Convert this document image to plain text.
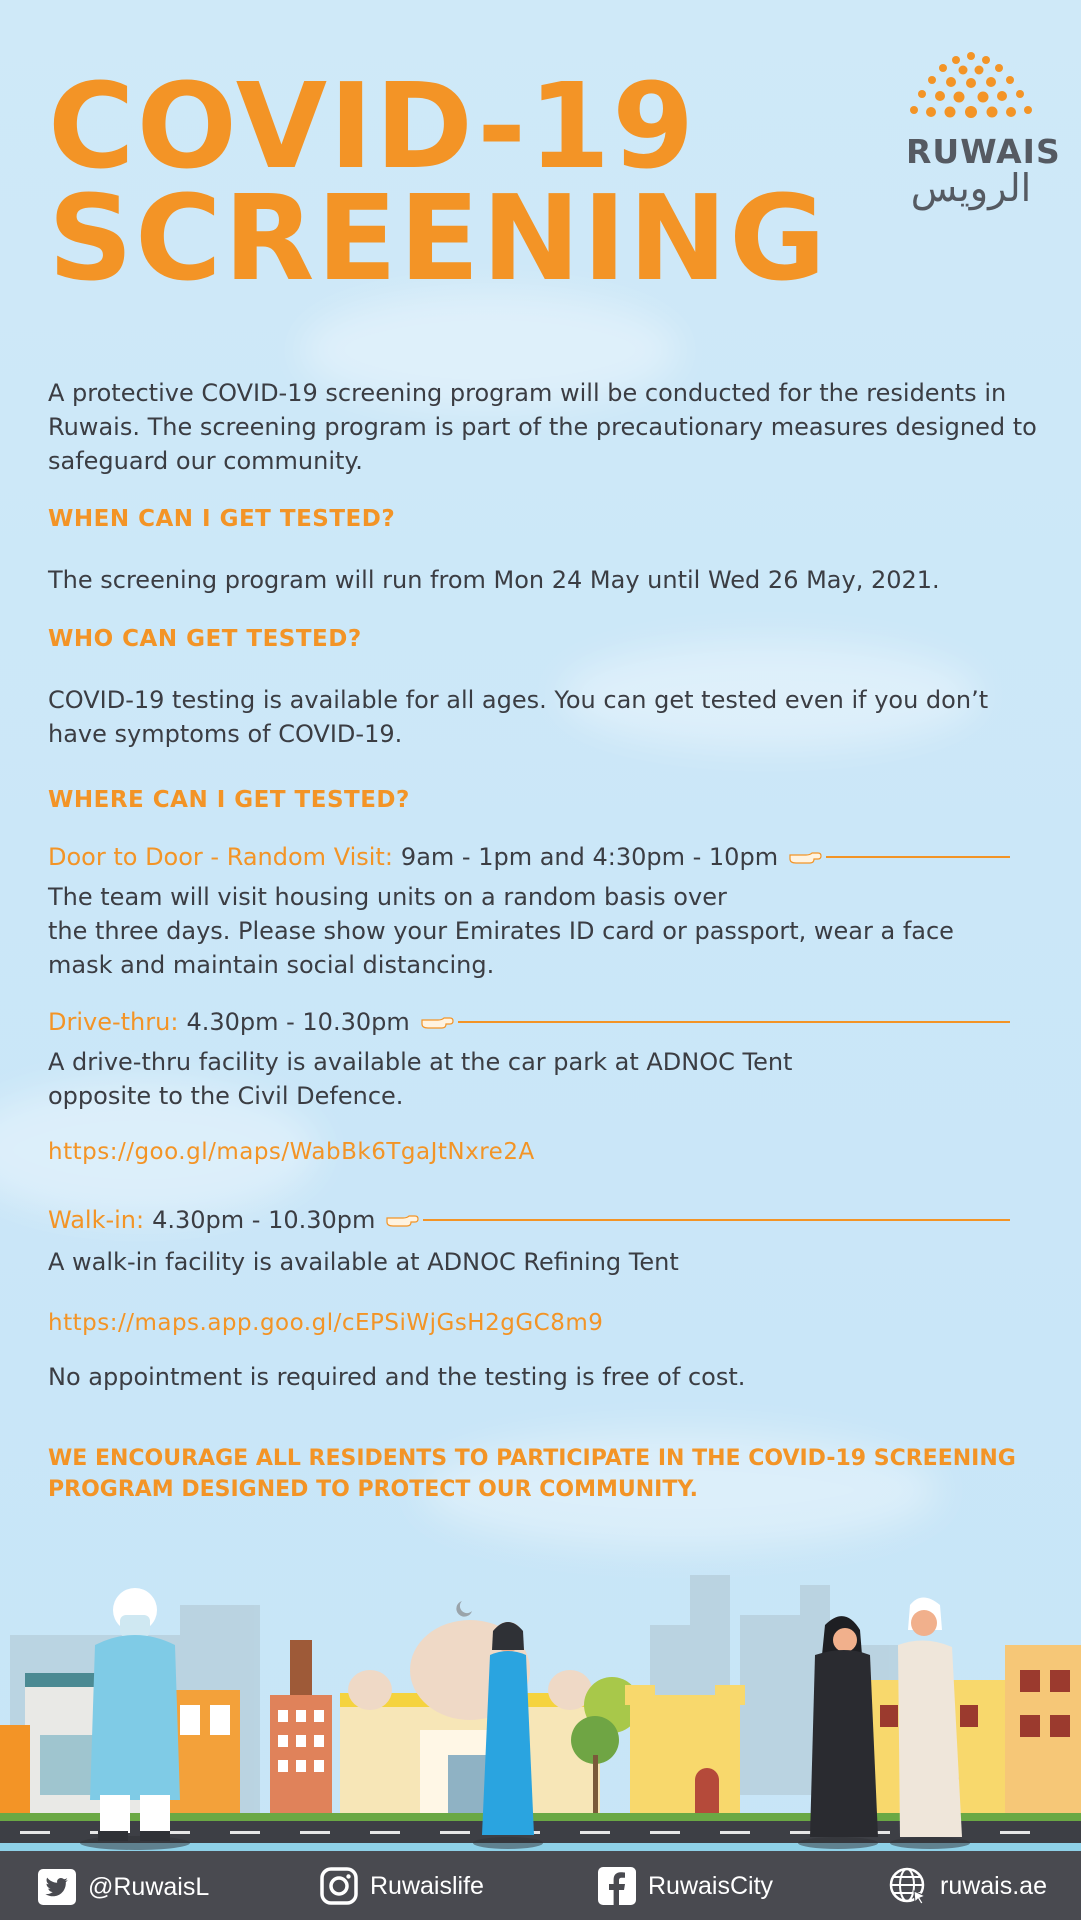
COVID-19
SCREENING
RUWAIS
الرويس

A protective COVID-19 screening program will be conducted for the residents in Ruwais. The screening program is part of the precautionary measures designed to safeguard our community.

WHEN CAN I GET TESTED?

The screening program will run from Mon 24 May until Wed 26 May, 2021.

WHO CAN GET TESTED?

COVID-19 testing is available for all ages. You can get tested even if you don’t have symptoms of COVID-19.

WHERE CAN I GET TESTED?
Door to Door - Random Visit: 9am - 1pm and 4:30pm - 10pm

The team will visit housing units on a random basis over

the three days. Please show your Emirates ID card or passport, wear a face

mask and maintain social distancing.

Drive-thru: 4.30pm - 10.30pm

A drive-thru facility is available at the car park at ADNOC Tent

opposite to the Civil Defence.

https://goo.gl/maps/WabBk6TgaJtNxre2A
Walk-in: 4.30pm - 10.30pm

A walk-in facility is available at ADNOC Refining Tent

https://maps.app.goo.gl/cEPSiWjGsH2gGC8m9

No appointment is required and the testing is free of cost.

WE ENCOURAGE ALL RESIDENTS TO PARTICIPATE IN THE COVID-19 SCREENING

PROGRAM DESIGNED TO PROTECT OUR COMMUNITY.

@RuwaisL	Ruwaislife	RuwaisCity	ruwais.ae
